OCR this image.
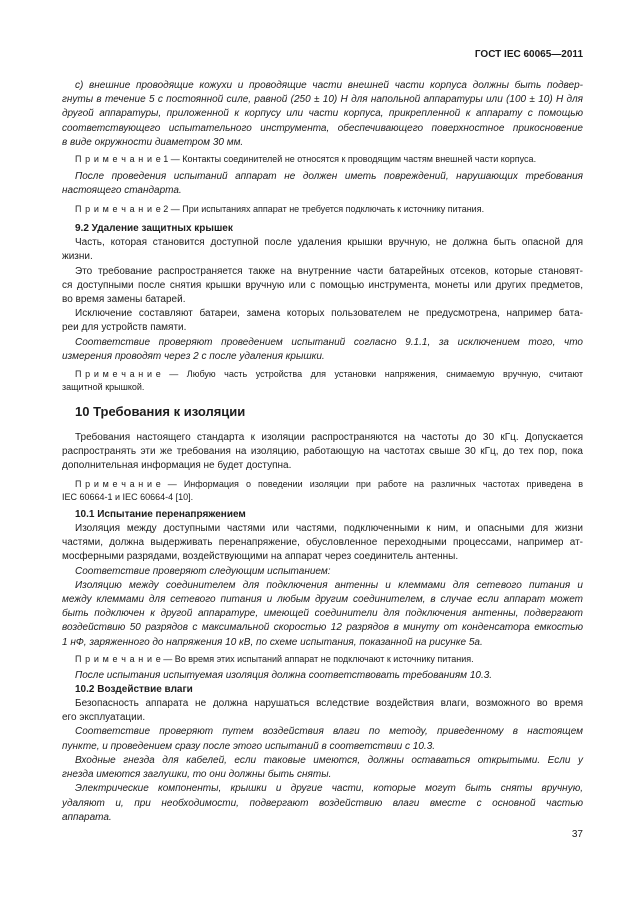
ГОСТ IEC 60065—2011
с) внешние проводящие кожухи и проводящие части внешней части корпуса должны быть подвер-
гнуты в течение 5 с постоянной силе, равной (250 ± 10) Н для напольной аппаратуры или (100 ± 10) Н для
другой аппаратуры, приложенной к корпусу или части корпуса, прикрепленной к аппарату с помощью
соответствующего испытательного инструмента, обеспечивающего поверхностное прикосновение
в виде окружности диаметром 30 мм.
П р и м е ч а н и е 1 — Контакты соединителей не относятся к проводящим частям внешней части корпуса.
После проведения испытаний аппарат не должен иметь повреждений, нарушающих требования
настоящего стандарта.
П р и м е ч а н и е 2 — При испытаниях аппарат не требуется подключать к источнику питания.
9.2 Удаление защитных крышек
Часть, которая становится доступной после удаления крышки вручную, не должна быть опасной для
жизни.
Это требование распространяется также на внутренние части батарейных отсеков, которые становят-
ся доступными после снятия крышки вручную или с помощью инструмента, монеты или других предметов,
во время замены батарей.
Исключение составляют батареи, замена которых пользователем не предусмотрена, например бата-
реи для устройств памяти.
Соответствие проверяют проведением испытаний согласно 9.1.1, за исключением того, что
измерения проводят через 2 с после удаления крышки.
П р и м е ч а н и е — Любую часть устройства для установки напряжения, снимаемую вручную, считают
защитной крышкой.
10 Требования к изоляции
Требования настоящего стандарта к изоляции распространяются на частоты до 30 кГц. Допускается
распространять эти же требования на изоляцию, работающую на частотах свыше 30 кГц, до тех пор, пока
дополнительная информация не будет доступна.
П р и м е ч а н и е — Информация о поведении изоляции при работе на различных частотах приведена в
IEC 60664-1 и IEC 60664-4 [10].
10.1 Испытание перенапряжением
Изоляция между доступными частями или частями, подключенными к ним, и опасными для жизни
частями, должна выдерживать перенапряжение, обусловленное переходными процессами, например ат-
мосферными разрядами, воздействующими на аппарат через соединитель антенны.
Соответствие проверяют следующим испытанием:
Изоляцию между соединителем для подключения антенны и клеммами для сетевого питания и
между клеммами для сетевого питания и любым другим соединителем, в случае если аппарат может
быть подключен к другой аппаратуре, имеющей соединители для подключения антенны, подвергают
воздействию 50 разрядов с максимальной скоростью 12 разрядов в минуту от конденсатора емкостью
1 нФ, заряженного до напряжения 10 кВ, по схеме испытания, показанной на рисунке 5а.
П р и м е ч а н и е — Во время этих испытаний аппарат не подключают к источнику питания.
После испытания испытуемая изоляция должна соответствовать требованиям 10.3.
10.2 Воздействие влаги
Безопасность аппарата не должна нарушаться вследствие воздействия влаги, возможного во время
его эксплуатации.
Соответствие проверяют путем воздействия влаги по методу, приведенному в настоящем
пункте, и проведением сразу после этого испытаний в соответствии с 10.3.
Входные гнезда для кабелей, если таковые имеются, должны оставаться открытыми. Если у
гнезда имеются заглушки, то они должны быть сняты.
Электрические компоненты, крышки и другие части, которые могут быть сняты вручную,
удаляют и, при необходимости, подвергают воздействию влаги вместе с основной частью
аппарата.
37
